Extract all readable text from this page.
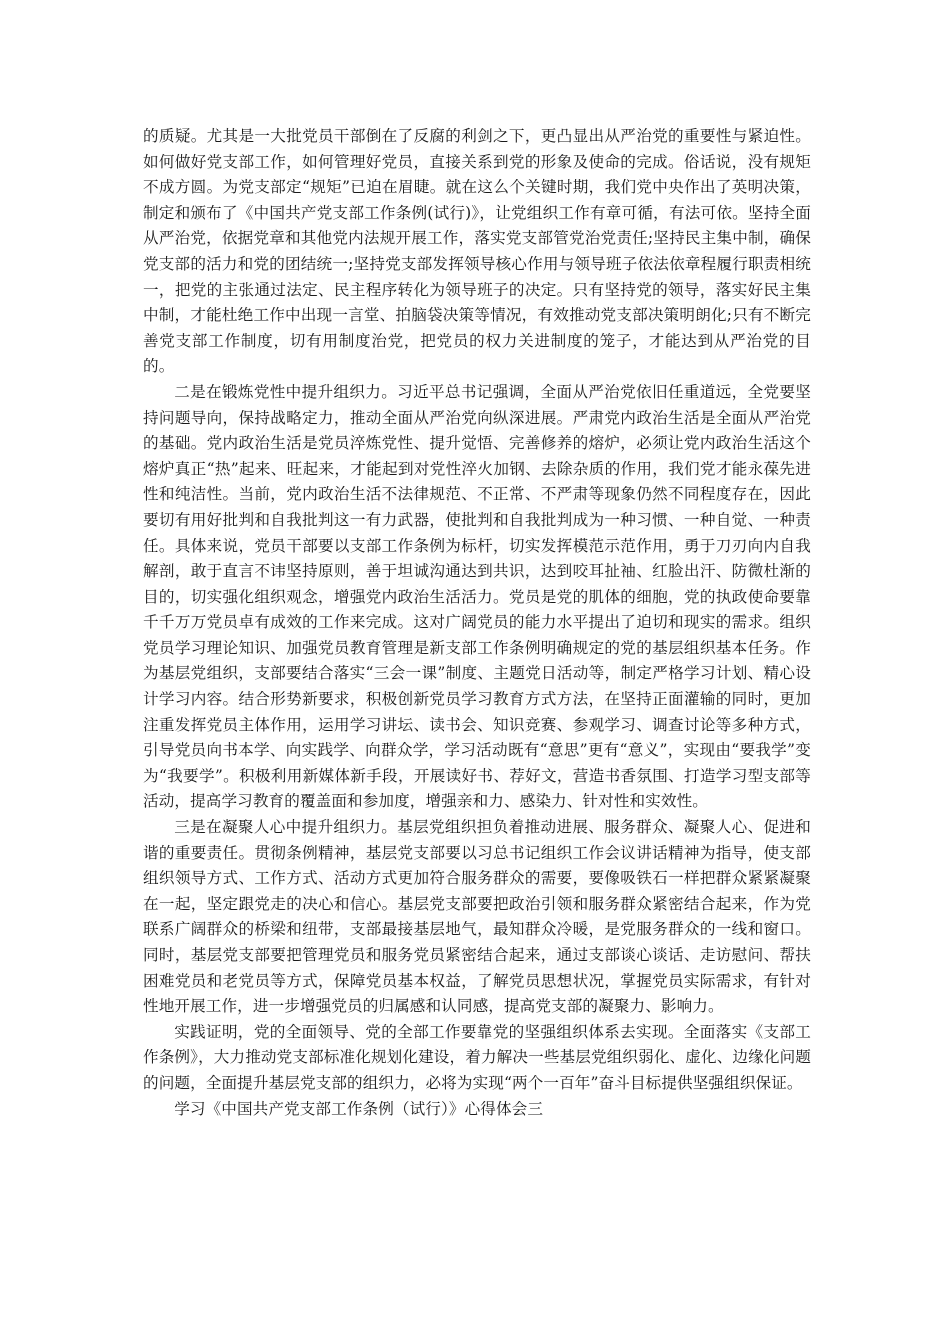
的质疑。尤其是一大批党员干部倒在了反腐的利剑之下，更凸显出从严治党的重要性与紧迫性。如何做好党支部工作，如何管理好党员，直接关系到党的形象及使命的完成。俗话说，没有规矩不成方圆。为党支部定“规矩”已迫在眉睫。就在这么个关键时期，我们党中央作出了英明决策，制定和颁布了《中国共产党支部工作条例(试行)》，让党组织工作有章可循，有法可依。坚持全面从严治党，依据党章和其他党内法规开展工作，落实党支部管党治党责任;坚持民主集中制，确保党支部的活力和党的团结统一;坚持党支部发挥领导核心作用与领导班子依法依章程履行职责相统一，把党的主张通过法定、民主程序转化为领导班子的决定。只有坚持党的领导，落实好民主集中制，才能杜绝工作中出现一言堂、拍脑袋决策等情况，有效推动党支部决策明朗化;只有不断完善党支部工作制度，切有用制度治党，把党员的权力关进制度的笼子，才能达到从严治党的目的。

二是在锻炼党性中提升组织力。习近平总书记强调，全面从严治党依旧任重道远，全党要坚持问题导向，保持战略定力，推动全面从严治党向纵深进展。严肃党内政治生活是全面从严治党的基础。党内政治生活是党员淬炼党性、提升觉悟、完善修养的熔炉，必须让党内政治生活这个熔炉真正“热”起来、旺起来，才能起到对党性淬火加钢、去除杂质的作用，我们党才能永葆先进性和纯洁性。当前，党内政治生活不法律规范、不正常、不严肃等现象仍然不同程度存在，因此要切有用好批判和自我批判这一有力武器，使批判和自我批判成为一种习惯、一种自觉、一种责任。具体来说，党员干部要以支部工作条例为标杆，切实发挥模范示范作用，勇于刀刃向内自我解剖，敢于直言不讳坚持原则，善于坦诚沟通达到共识，达到咬耳扯袖、红脸出汗、防微杜渐的目的，切实强化组织观念，增强党内政治生活活力。党员是党的肌体的细胞，党的执政使命要靠千千万万党员卓有成效的工作来完成。这对广阔党员的能力水平提出了迫切和现实的需求。组织党员学习理论知识、加强党员教育管理是新支部工作条例明确规定的党的基层组织基本任务。作为基层党组织，支部要结合落实“三会一课”制度、主题党日活动等，制定严格学习计划、精心设计学习内容。结合形势新要求，积极创新党员学习教育方式方法，在坚持正面灌输的同时，更加注重发挥党员主体作用，运用学习讲坛、读书会、知识竞赛、参观学习、调查讨论等多种方式，引导党员向书本学、向实践学、向群众学，学习活动既有“意思”更有“意义”，实现由“要我学”变为“我要学”。积极利用新媒体新手段，开展读好书、荐好文，营造书香氛围、打造学习型支部等活动，提高学习教育的覆盖面和参加度，增强亲和力、感染力、针对性和实效性。

三是在凝聚人心中提升组织力。基层党组织担负着推动进展、服务群众、凝聚人心、促进和谐的重要责任。贯彻条例精神，基层党支部要以习总书记组织工作会议讲话精神为指导，使支部组织领导方式、工作方式、活动方式更加符合服务群众的需要，要像吸铁石一样把群众紧紧凝聚在一起，坚定跟党走的决心和信心。基层党支部要把政治引领和服务群众紧密结合起来，作为党联系广阔群众的桥梁和纽带，支部最接基层地气，最知群众冷暖，是党服务群众的一线和窗口。同时，基层党支部要把管理党员和服务党员紧密结合起来，通过支部谈心谈话、走访慰问、帮扶困难党员和老党员等方式，保障党员基本权益，了解党员思想状况，掌握党员实际需求，有针对性地开展工作，进一步增强党员的归属感和认同感，提高党支部的凝聚力、影响力。

实践证明，党的全面领导、党的全部工作要靠党的坚强组织体系去实现。全面落实《支部工作条例》，大力推动党支部标准化规划化建设，着力解决一些基层党组织弱化、虚化、边缘化问题的问题，全面提升基层党支部的组织力，必将为实现“两个一百年”奋斗目标提供坚强组织保证。

学习《中国共产党支部工作条例（试行）》心得体会三
